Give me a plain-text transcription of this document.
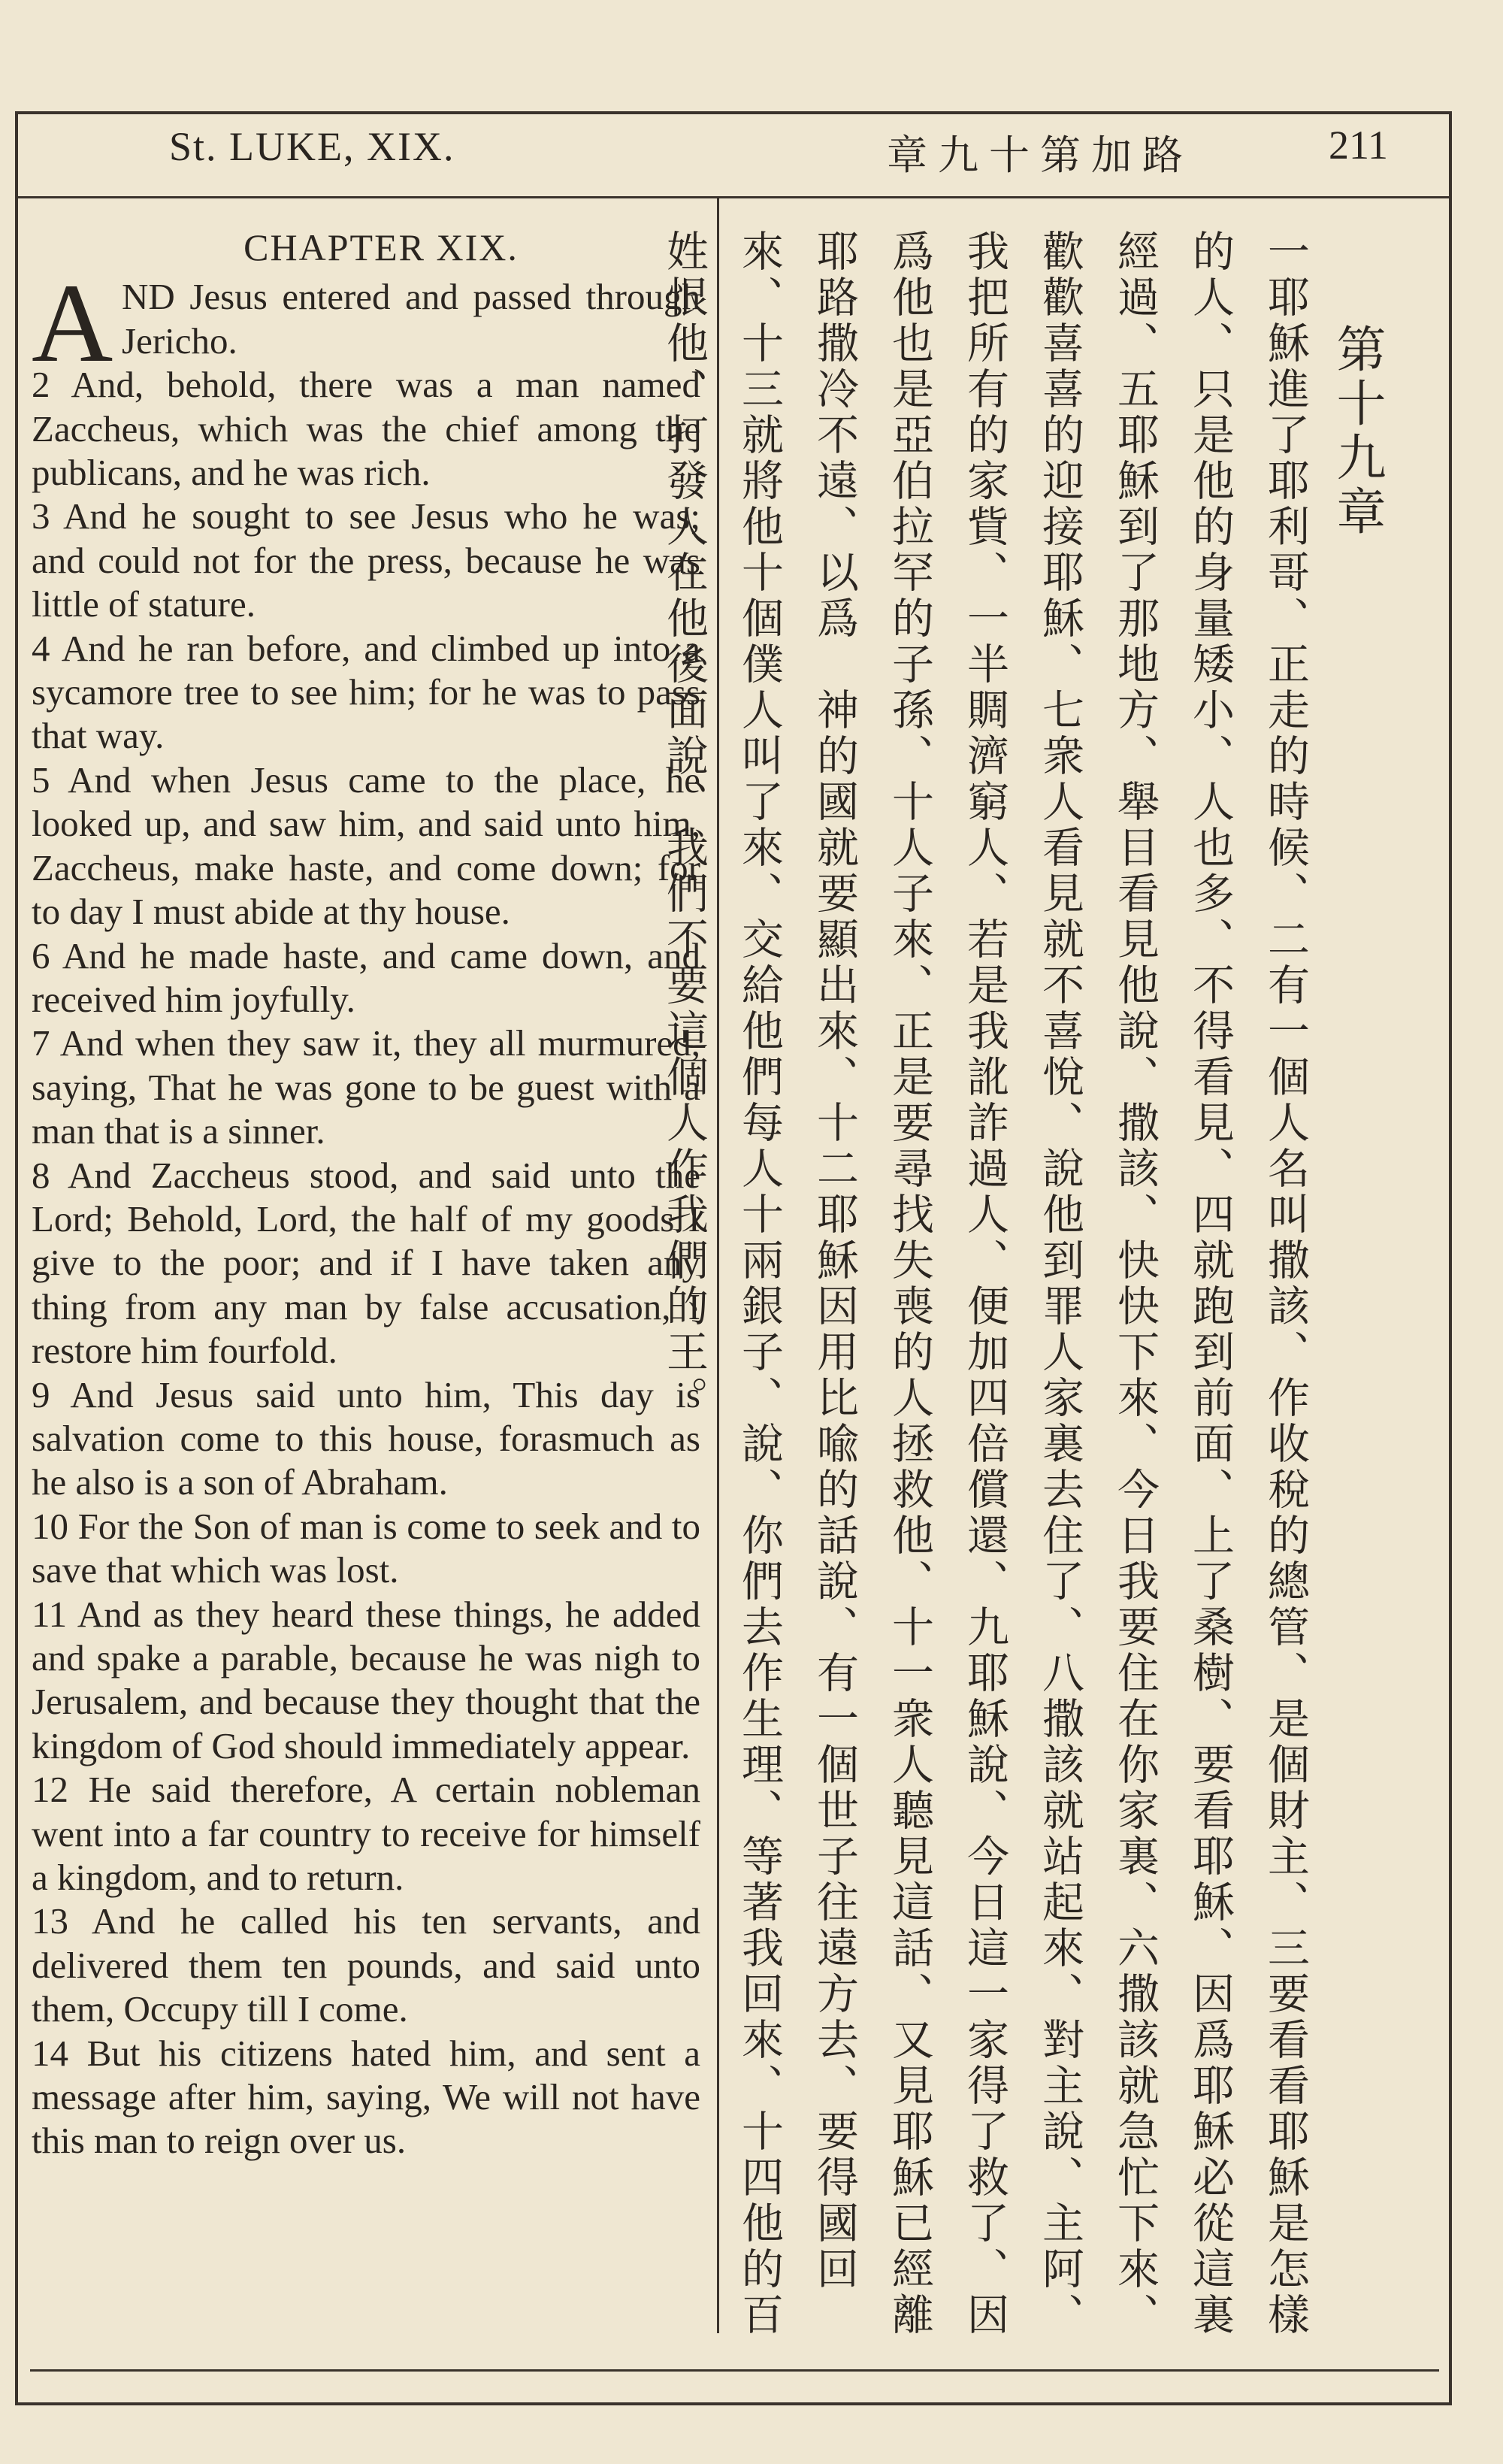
St. LUKE, XIX.	章九十第加路	211
CHAPTER XIX.

A ND Jesus entered and passed through Jericho.

2 And, behold, there was a man named Zaccheus, which was the chief among the publicans, and he was rich.

3 And he sought to see Jesus who he was; and could not for the press, because he was little of stature.

4 And he ran before, and climbed up into a sycamore tree to see him; for he was to pass that way.

5 And when Jesus came to the place, he looked up, and saw him, and said unto him, Zaccheus, make haste, and come down; for to day I must abide at thy house.

6 And he made haste, and came down, and received him joyfully.

7 And when they saw it, they all murmured, saying, That he was gone to be guest with a man that is a sinner.

8 And Zaccheus stood, and said unto the Lord; Behold, Lord, the half of my goods I give to the poor; and if I have taken any thing from any man by false accusation, I restore him fourfold.

9 And Jesus said unto him, This day is salvation come to this house, forasmuch as he also is a son of Abraham.

10 For the Son of man is come to seek and to save that which was lost.

11 And as they heard these things, he added and spake a parable, because he was nigh to Jerusalem, and because they thought that the kingdom of God should immediately appear.

12 He said therefore, A certain nobleman went into a far country to receive for himself a kingdom, and to return.

13 And he called his ten servants, and delivered them ten pounds, and said unto them, Occupy till I come.

14 But his citizens hated him, and sent a message after him, saying, We will not have this man to reign over us.

第十九章
一耶穌進了耶利哥、正走的時候、二有一個人名叫撒該、作收稅的總管、是個財主、三要看看耶穌是怎樣的人、只是他的身量矮小、人也多、不得看見、四就跑到前面、上了桑樹、要看耶穌、因爲耶穌必從這裏經過、五耶穌到了那地方、舉目看見他說、撒該、快快下來、今日我要住在你家裏、六撒該就急忙下來、歡歡喜喜的迎接耶穌、七衆人看見就不喜悅、說他到罪人家裏去住了、八撒該就站起來、對主說、主阿、我把所有的家貲、一半賙濟窮人、若是我訛詐過人、便加四倍償還、九耶穌說、今日這一家得了救了、因爲他也是亞伯拉罕的子孫、十人子來、正是要尋找失喪的人拯救他、十一衆人聽見這話、又見耶穌已經離耶路撒冷不遠、以爲　神的國就要顯出來、十二耶穌因用比喩的話說、有一個世子往遠方去、要得國回來、十三就將他十個僕人叫了來、交給他們每人十兩銀子、說、你們去作生理、等著我回來、十四他的百姓恨他、打發人在他後面說、我們不要這個人作我們的王。
